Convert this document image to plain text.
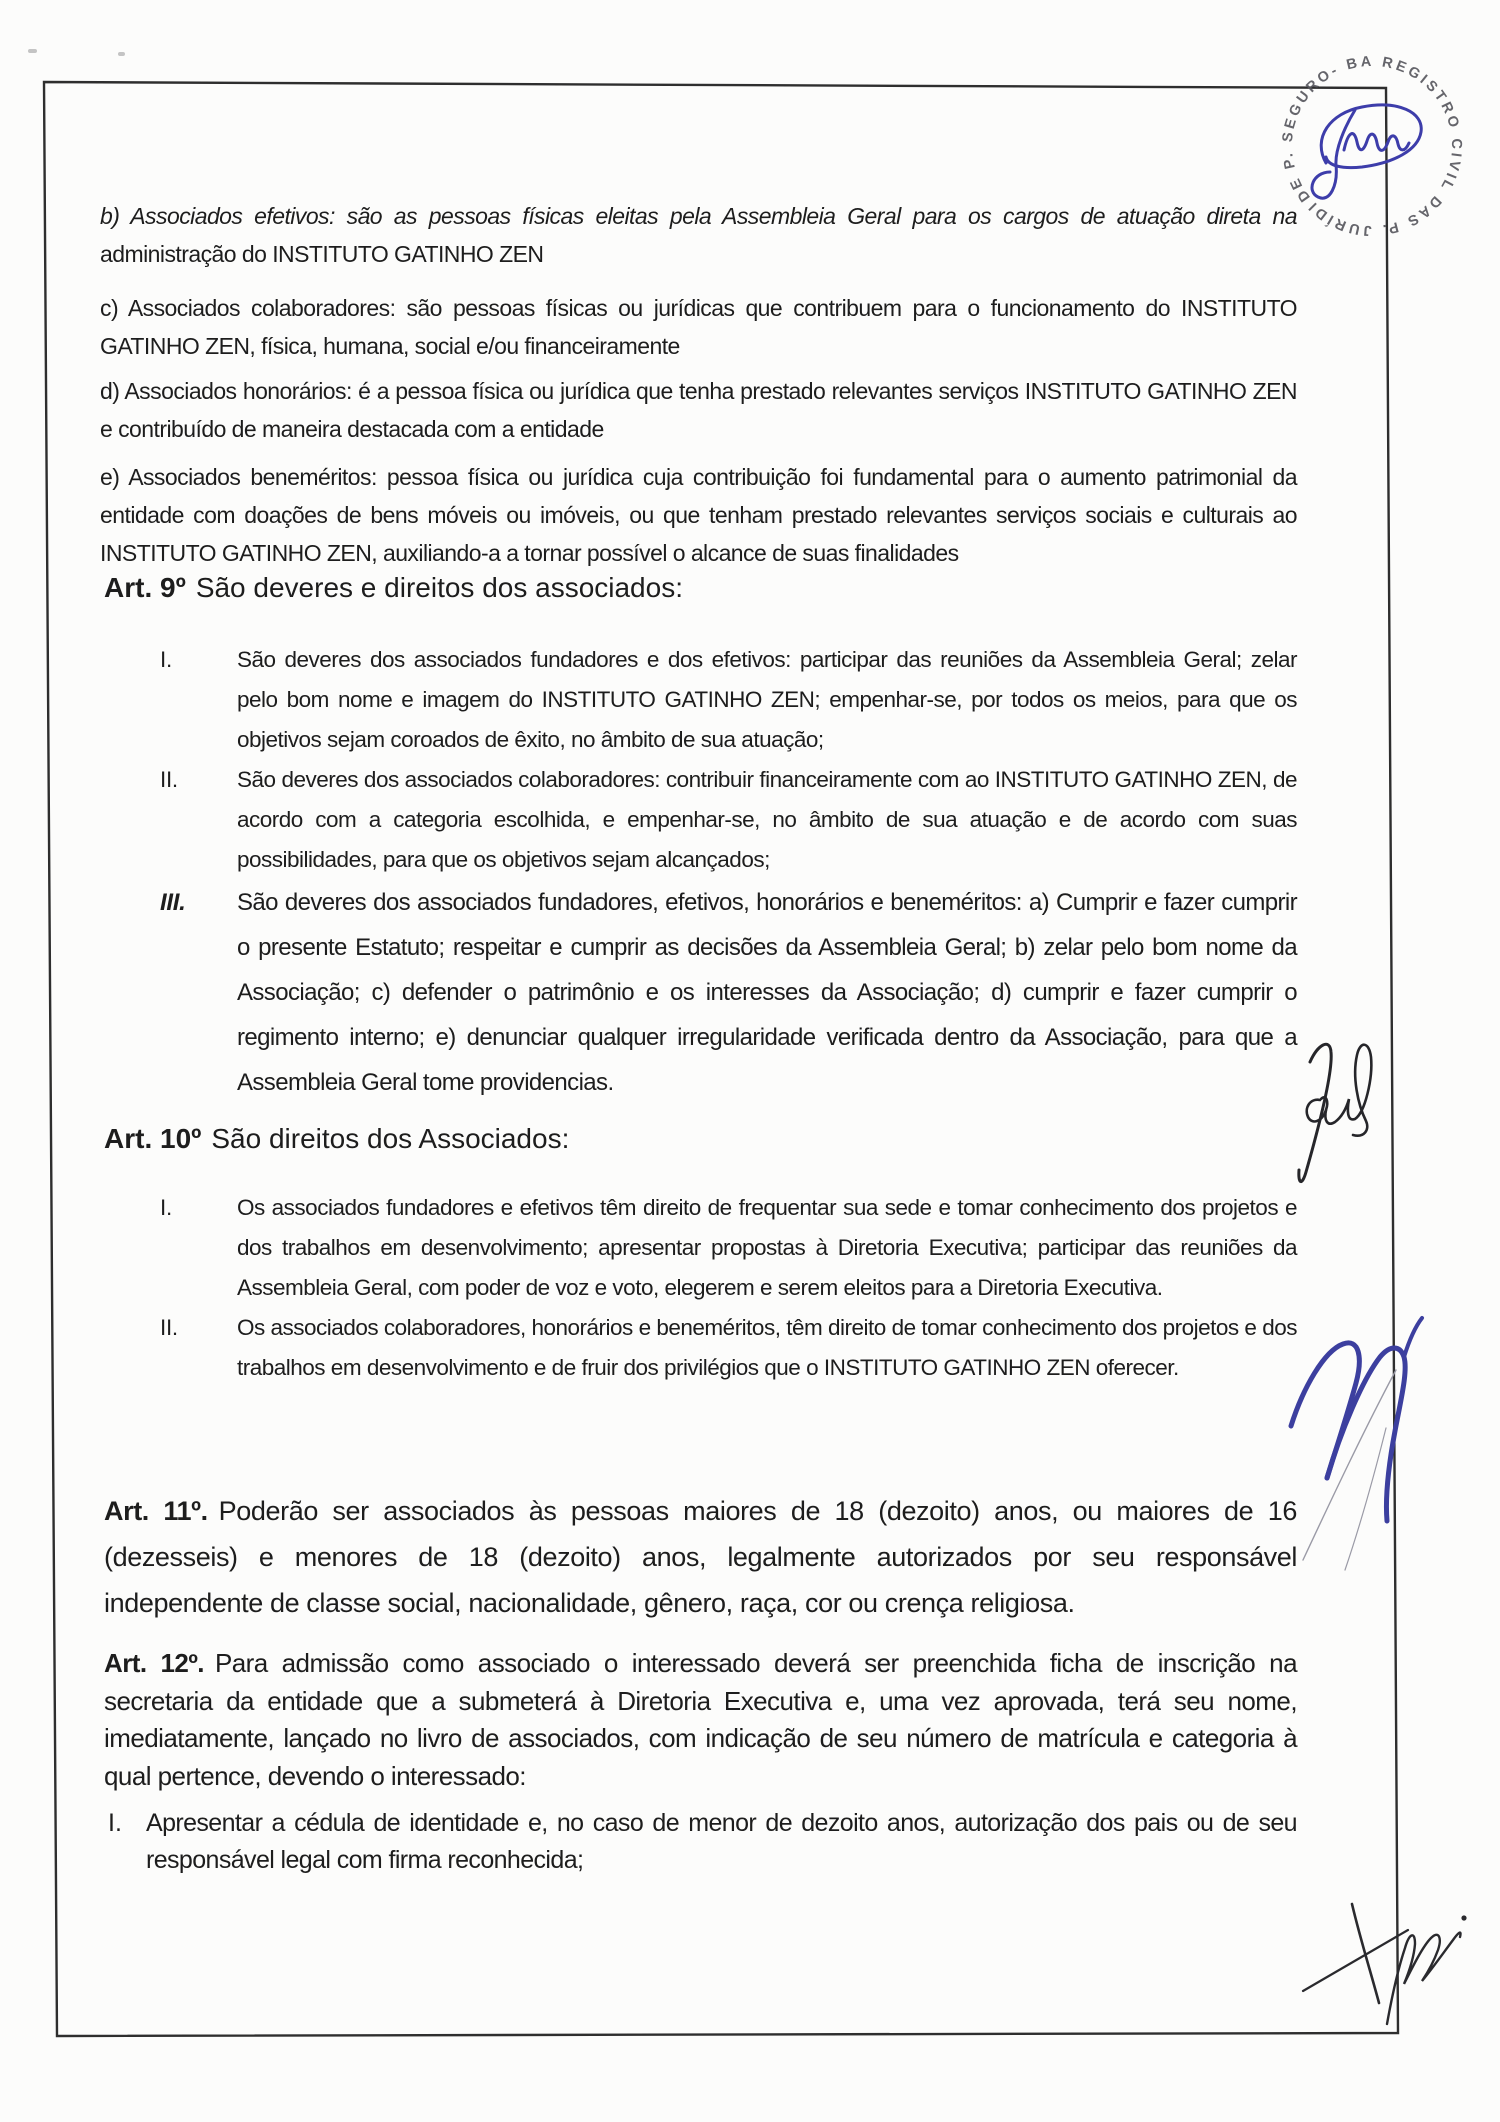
b) Associados efetivos: são as pessoas físicas eleitas pela Assembleia Geral para os cargos de atuação direta na administração do INSTITUTO GATINHO ZEN
c) Associados colaboradores: são pessoas físicas ou jurídicas que contribuem para o funcionamento do INSTITUTO GATINHO ZEN, física, humana, social e/ou financeiramente
d) Associados honorários: é a pessoa física ou jurídica que tenha prestado relevantes serviços INSTITUTO GATINHO ZEN e contribuído de maneira destacada com a entidade
e) Associados beneméritos: pessoa física ou jurídica cuja contribuição foi fundamental para o aumento patrimonial da entidade com doações de bens móveis ou imóveis, ou que tenham prestado relevantes serviços sociais e culturais ao INSTITUTO GATINHO ZEN, auxiliando-a a tornar possível o alcance de suas finalidades
Art. 9º São deveres e direitos dos associados:
I.	São deveres dos associados fundadores e dos efetivos: participar das reuniões da Assembleia Geral; zelar pelo bom nome e imagem do INSTITUTO GATINHO ZEN; empenhar-se, por todos os meios, para que os objetivos sejam coroados de êxito, no âmbito de sua atuação;
II.	São deveres dos associados colaboradores: contribuir financeiramente com ao INSTITUTO GATINHO ZEN, de acordo com a categoria escolhida, e empenhar-se, no âmbito de sua atuação e de acordo com suas possibilidades, para que os objetivos sejam alcançados;
III.	São deveres dos associados fundadores, efetivos, honorários e beneméritos: a) Cumprir e fazer cumprir o presente Estatuto; respeitar e cumprir as decisões da Assembleia Geral; b) zelar pelo bom nome da Associação; c) defender o patrimônio e os interesses da Associação; d) cumprir e fazer cumprir o regimento interno; e) denunciar qualquer irregularidade verificada dentro da Associação, para que a Assembleia Geral tome providencias.
Art. 10º São direitos dos Associados:
I.	Os associados fundadores e efetivos têm direito de frequentar sua sede e tomar conhecimento dos projetos e dos trabalhos em desenvolvimento; apresentar propostas à Diretoria Executiva; participar das reuniões da Assembleia Geral, com poder de voz e voto, elegerem e serem eleitos para a Diretoria Executiva.
II.	Os associados colaboradores, honorários e beneméritos, têm direito de tomar conhecimento dos projetos e dos trabalhos em desenvolvimento e de fruir dos privilégios que o INSTITUTO GATINHO ZEN oferecer.
Art. 11º. Poderão ser associados às pessoas maiores de 18 (dezoito) anos, ou maiores de 16 (dezesseis) e menores de 18 (dezoito) anos, legalmente autorizados por seu responsável independente de classe social, nacionalidade, gênero, raça, cor ou crença religiosa.
Art. 12º. Para admissão como associado o interessado deverá ser preenchida ficha de inscrição na secretaria da entidade que a submeterá à Diretoria Executiva e, uma vez aprovada, terá seu nome, imediatamente, lançado no livro de associados, com indicação de seu número de matrícula e categoria à qual pertence, devendo o interessado:
I. Apresentar a cédula de identidade e, no caso de menor de dezoito anos, autorização dos pais ou de seu responsável legal com firma reconhecida;
DE P. SEGURO- BA REGISTRO CIVIL DAS P. JURÍDICAS
